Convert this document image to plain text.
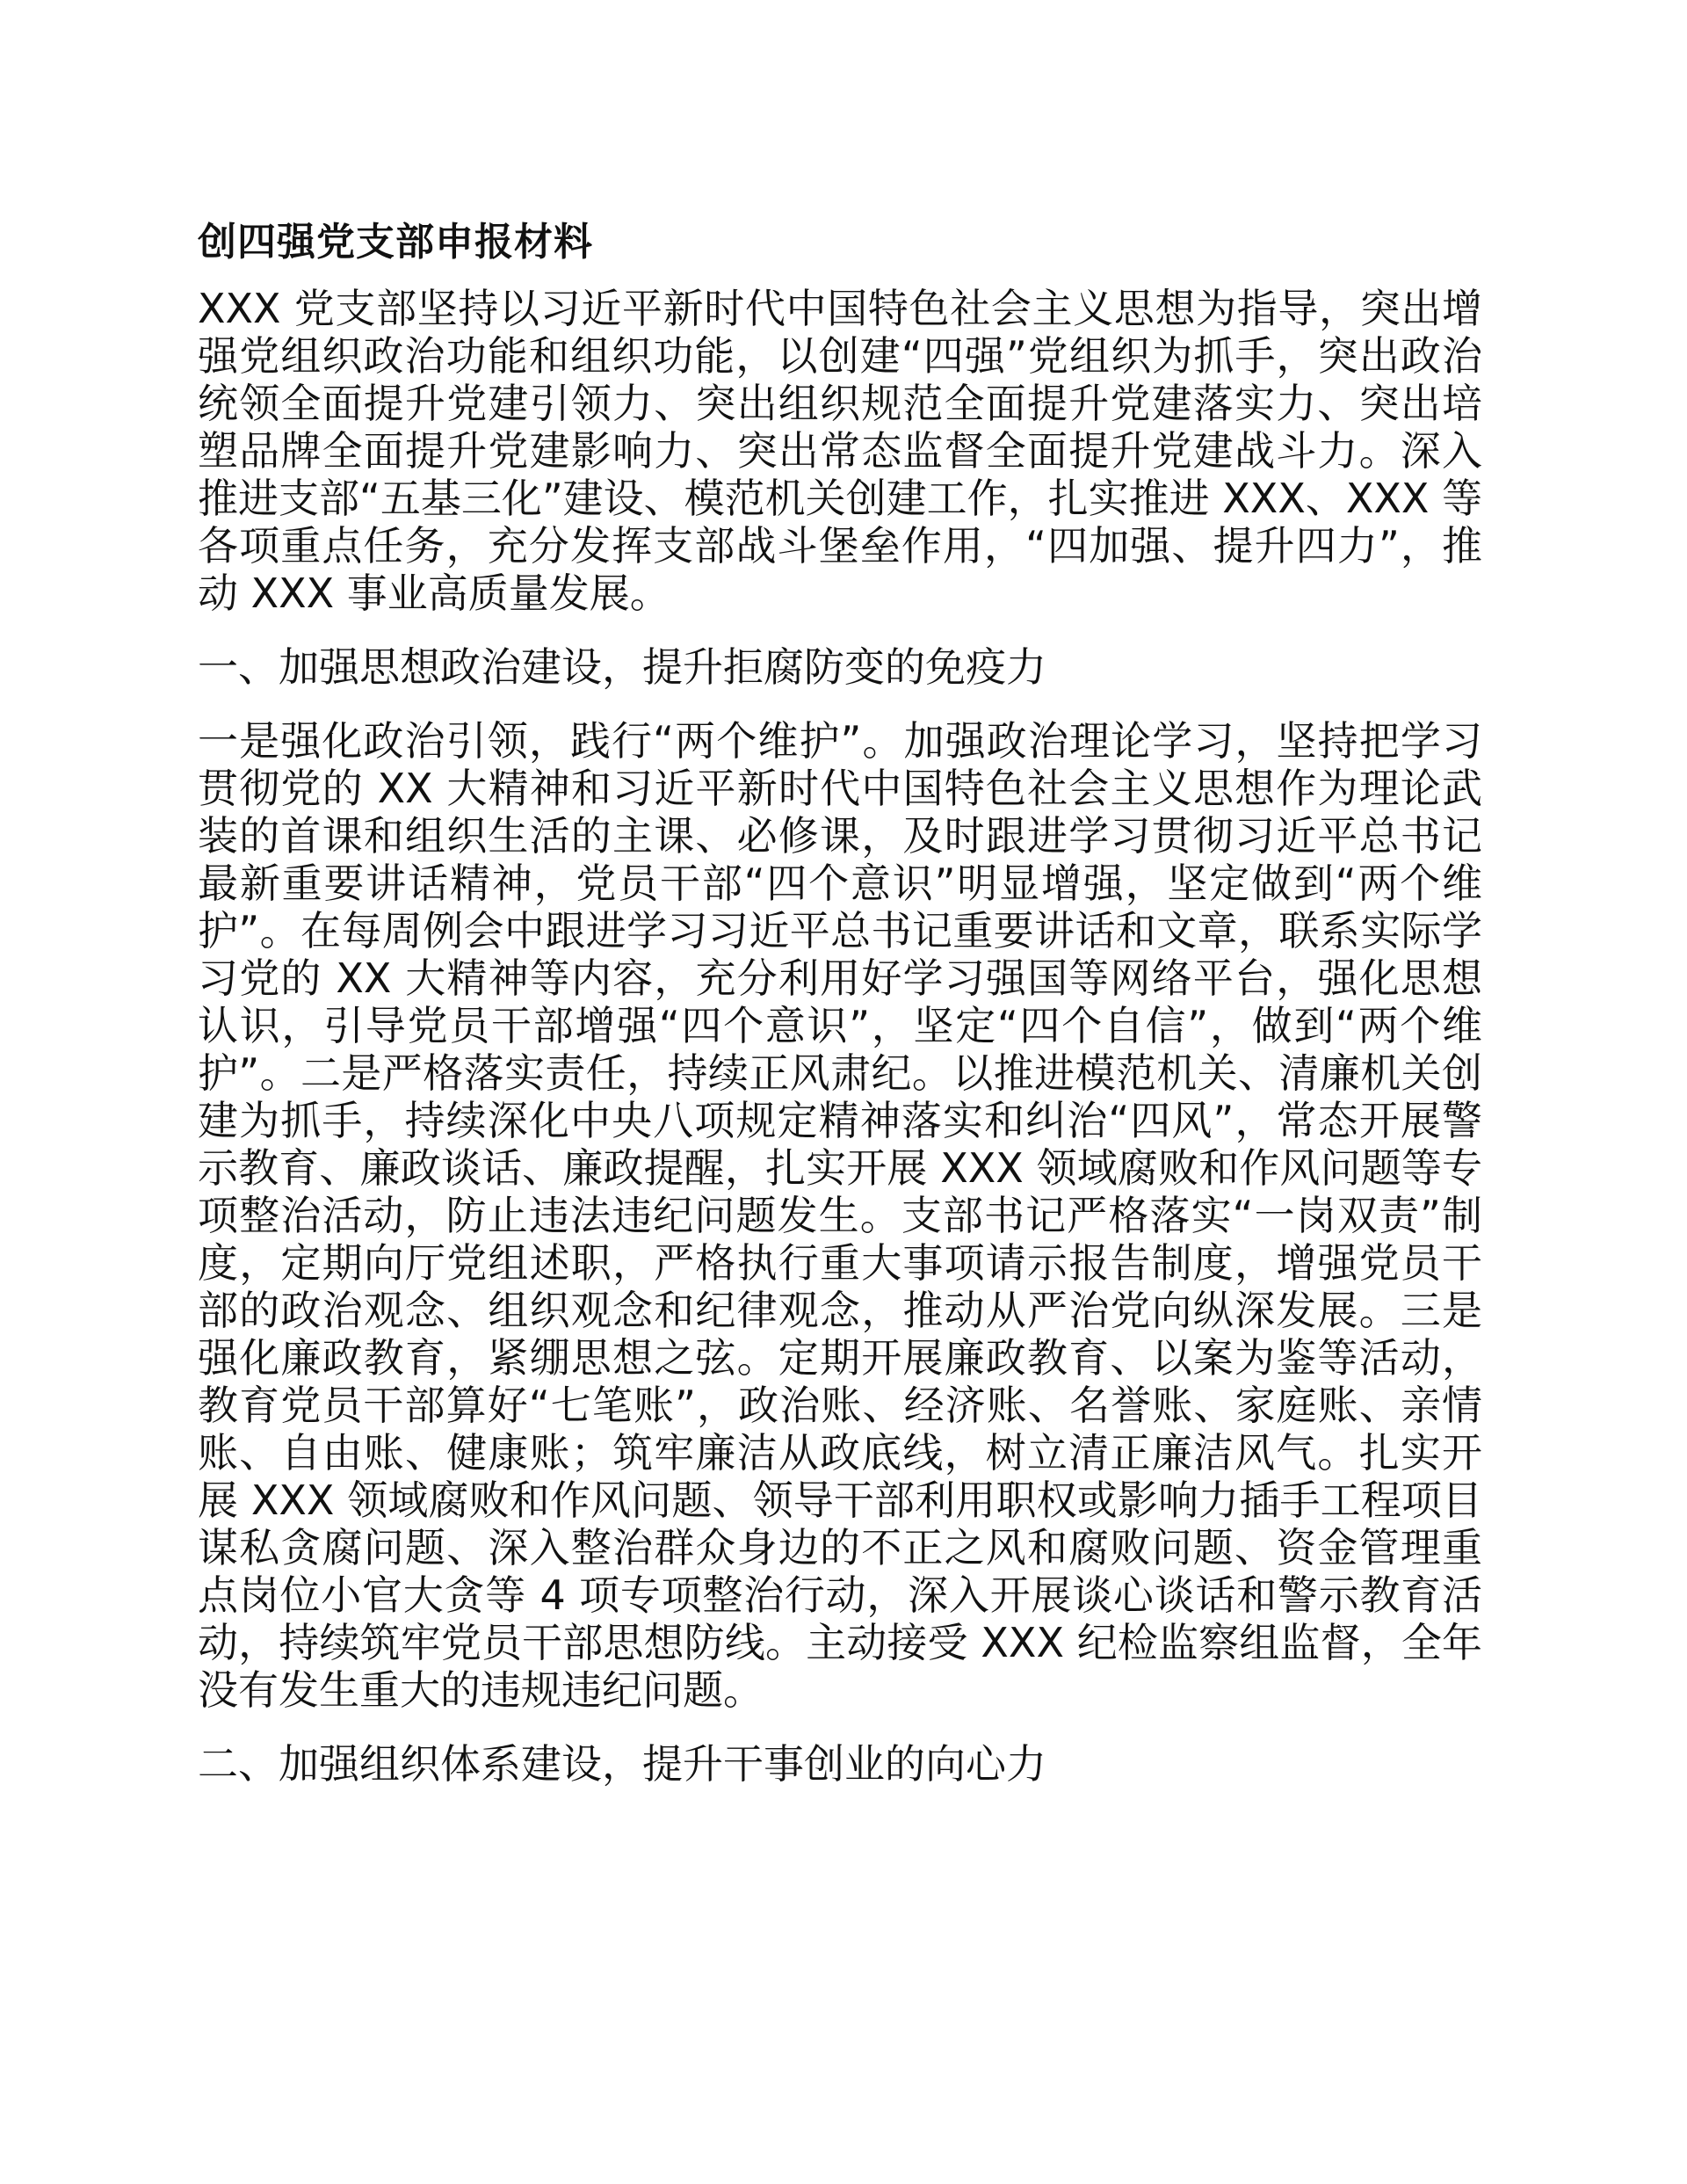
创四强党支部申报材料

XXX 党支部坚持以习近平新时代中国特色社会主义思想为指导，突出增强党组织政治功能和组织功能，以创建“四强”党组织为抓手，突出政治统领全面提升党建引领力、突出组织规范全面提升党建落实力、突出培塑品牌全面提升党建影响力、突出常态监督全面提升党建战斗力。深入推进支部“五基三化”建设、模范机关创建工作，扎实推进 XXX、XXX 等各项重点任务，充分发挥支部战斗堡垒作用，“四加强、提升四力”，推动 XXX 事业高质量发展。

一、加强思想政治建设，提升拒腐防变的免疫力

一是强化政治引领，践行“两个维护”。加强政治理论学习，坚持把学习贯彻党的 XX 大精神和习近平新时代中国特色社会主义思想作为理论武装的首课和组织生活的主课、必修课，及时跟进学习贯彻习近平总书记最新重要讲话精神，党员干部“四个意识”明显增强，坚定做到“两个维护”。在每周例会中跟进学习习近平总书记重要讲话和文章，联系实际学习党的 XX 大精神等内容，充分利用好学习强国等网络平台，强化思想认识，引导党员干部增强“四个意识”，坚定“四个自信”，做到“两个维护”。二是严格落实责任，持续正风肃纪。以推进模范机关、清廉机关创建为抓手，持续深化中央八项规定精神落实和纠治“四风”，常态开展警示教育、廉政谈话、廉政提醒，扎实开展 XXX 领域腐败和作风问题等专项整治活动，防止违法违纪问题发生。支部书记严格落实“一岗双责”制度，定期向厅党组述职，严格执行重大事项请示报告制度，增强党员干部的政治观念、组织观念和纪律观念，推动从严治党向纵深发展。三是强化廉政教育，紧绷思想之弦。定期开展廉政教育、以案为鉴等活动，教育党员干部算好“七笔账”，政治账、经济账、名誉账、家庭账、亲情账、自由账、健康账；筑牢廉洁从政底线，树立清正廉洁风气。扎实开展 XXX 领域腐败和作风问题、领导干部利用职权或影响力插手工程项目谋私贪腐问题、深入整治群众身边的不正之风和腐败问题、资金管理重点岗位小官大贪等 4 项专项整治行动，深入开展谈心谈话和警示教育活动，持续筑牢党员干部思想防线。主动接受 XXX 纪检监察组监督，全年没有发生重大的违规违纪问题。

二、加强组织体系建设，提升干事创业的向心力
